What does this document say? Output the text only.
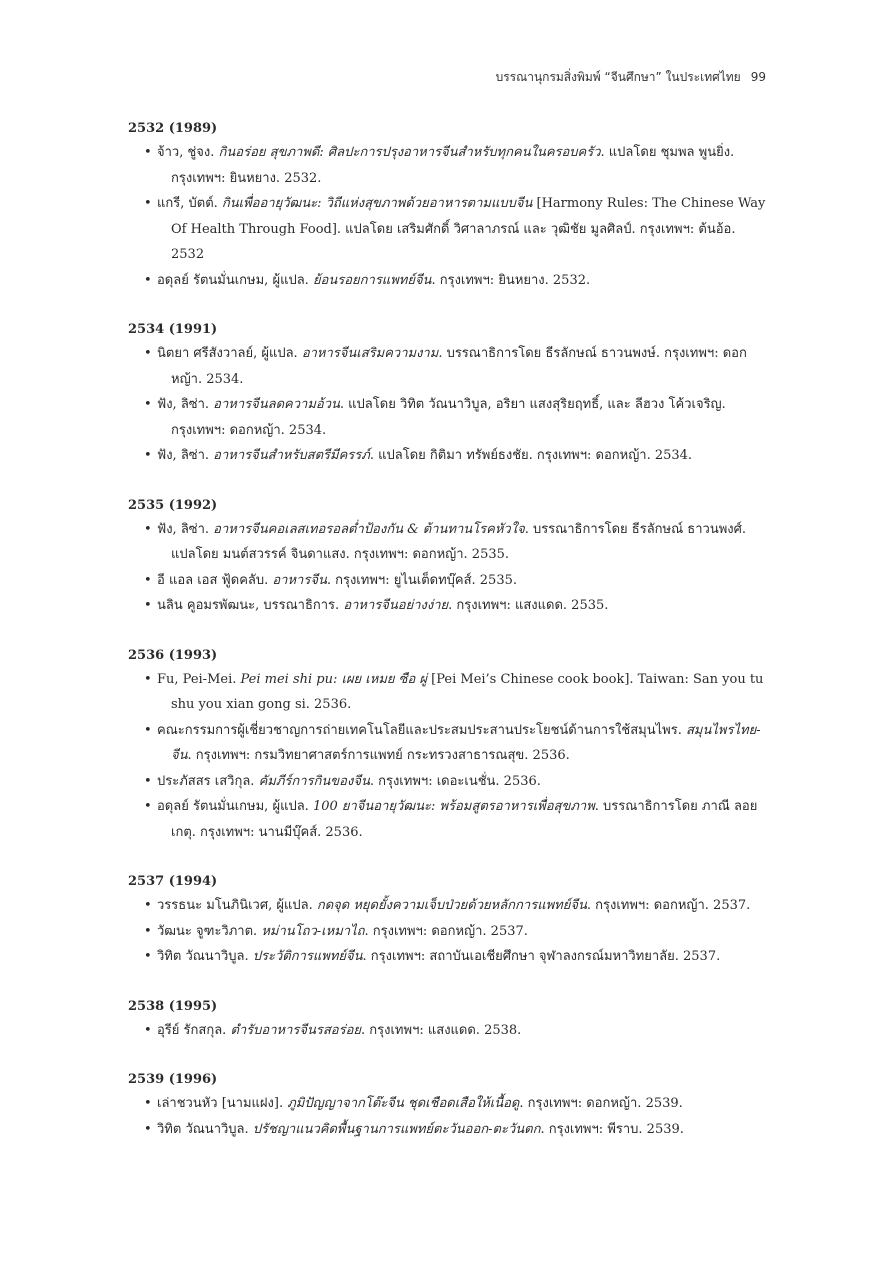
บรรณานุกรมสิ่งพิมพ์ “จีนศึกษา” ในประเทศไทย 99
2532 (1989)
• จ้าว, ชู่จง. กินอร่อย สุขภาพดี: ศิลปะการปรุงอาหารจีนสำหรับทุกคนในครอบครัว. แปลโดย ชุมพล พูนยิ่ง. กรุงเทพฯ: ยินหยาง. 2532.
• แกรี, บัตต์. กินเพื่ออายุวัฒนะ: วิถีแห่งสุขภาพด้วยอาหารตามแบบจีน [Harmony Rules: The Chinese Way Of Health Through Food]. แปลโดย เสริมศักดิ์ วิศาลาภรณ์ และ วุฒิชัย มูลศิลป์. กรุงเทพฯ: ต้นอ้อ. 2532
• อดุลย์ รัตนมั่นเกษม, ผู้แปล. ย้อนรอยการแพทย์จีน. กรุงเทพฯ: ยินหยาง. 2532.
2534 (1991)
• นิตยา ศรีสังวาลย์, ผู้แปล. อาหารจีนเสริมความงาม. บรรณาธิการโดย ธีรลักษณ์ ธาวนพงษ์. กรุงเทพฯ: ดอกหญ้า. 2534.
• ฟัง, ลิซ่า. อาหารจีนลดความอ้วน. แปลโดย วิทิต วัณนาวิบูล, อริยา แสงสุริยฤทธิ์, และ ลีฮวง โค้วเจริญ. กรุงเทพฯ: ดอกหญ้า. 2534.
• ฟัง, ลิซ่า. อาหารจีนสำหรับสตรีมีครรภ์. แปลโดย กิติมา ทรัพย์ธงชัย. กรุงเทพฯ: ดอกหญ้า. 2534.
2535 (1992)
• ฟัง, ลิซ่า. อาหารจีนคอเลสเทอรอลต่ำป้องกัน & ต้านทานโรคหัวใจ. บรรณาธิการโดย ธีรลักษณ์ ธาวนพงศ์. แปลโดย มนต์สวรรค์ จินดาแสง. กรุงเทพฯ: ดอกหญ้า. 2535.
• อี แอล เอส ฟู้ดคลับ. อาหารจีน. กรุงเทพฯ: ยูไนเต็ดทบุ๊คส์. 2535.
• นลิน คูอมรพัฒนะ, บรรณาธิการ. อาหารจีนอย่างง่าย. กรุงเทพฯ: แสงแดด. 2535.
2536 (1993)
• Fu, Pei-Mei. Pei mei shi pu: เผย เหมย ซือ ผู่ [Pei Mei’s Chinese cook book]. Taiwan: San you tu shu you xian gong si. 2536.
• คณะกรรมการผู้เชี่ยวชาญการถ่ายเทคโนโลยีและประสมประสานประโยชน์ด้านการใช้สมุนไพร. สมุนไพรไทย-จีน. กรุงเทพฯ: กรมวิทยาศาสตร์การแพทย์ กระทรวงสาธารณสุข. 2536.
• ประภัสสร เสวิกุล. คัมภีร์การกินของจีน. กรุงเทพฯ: เดอะเนชั่น. 2536.
• อดุลย์ รัตนมั่นเกษม, ผู้แปล. 100 ยาจีนอายุวัฒนะ: พร้อมสูตรอาหารเพื่อสุขภาพ. บรรณาธิการโดย ภาณี ลอยเกตุ. กรุงเทพฯ: นานมีบุ๊คส์. 2536.
2537 (1994)
• วรรธนะ มโนภินิเวศ, ผู้แปล. กดจุด หยุดยั้งความเจ็บป่วยด้วยหลักการแพทย์จีน. กรุงเทพฯ: ดอกหญ้า. 2537.
• วัฒนะ จูฑะวิภาต. หม่านโถว-เหมาไถ. กรุงเทพฯ: ดอกหญ้า. 2537.
• วิทิต วัณนาวิบูล. ประวัติการแพทย์จีน. กรุงเทพฯ: สถาบันเอเชียศึกษา จุฬาลงกรณ์มหาวิทยาลัย. 2537.
2538 (1995)
• อุรีย์ รักสกุล. ตำรับอาหารจีนรสอร่อย. กรุงเทพฯ: แสงแดด. 2538.
2539 (1996)
• เล่าชวนหัว [นามแฝง]. ภูมิปัญญาจากโต๊ะจีน ชุดเชือดเสือให้เนื้อดู. กรุงเทพฯ: ดอกหญ้า. 2539.
• วิทิต วัณนาวิบูล. ปรัชญาแนวคิดพื้นฐานการแพทย์ตะวันออก-ตะวันตก. กรุงเทพฯ: พีราบ. 2539.
